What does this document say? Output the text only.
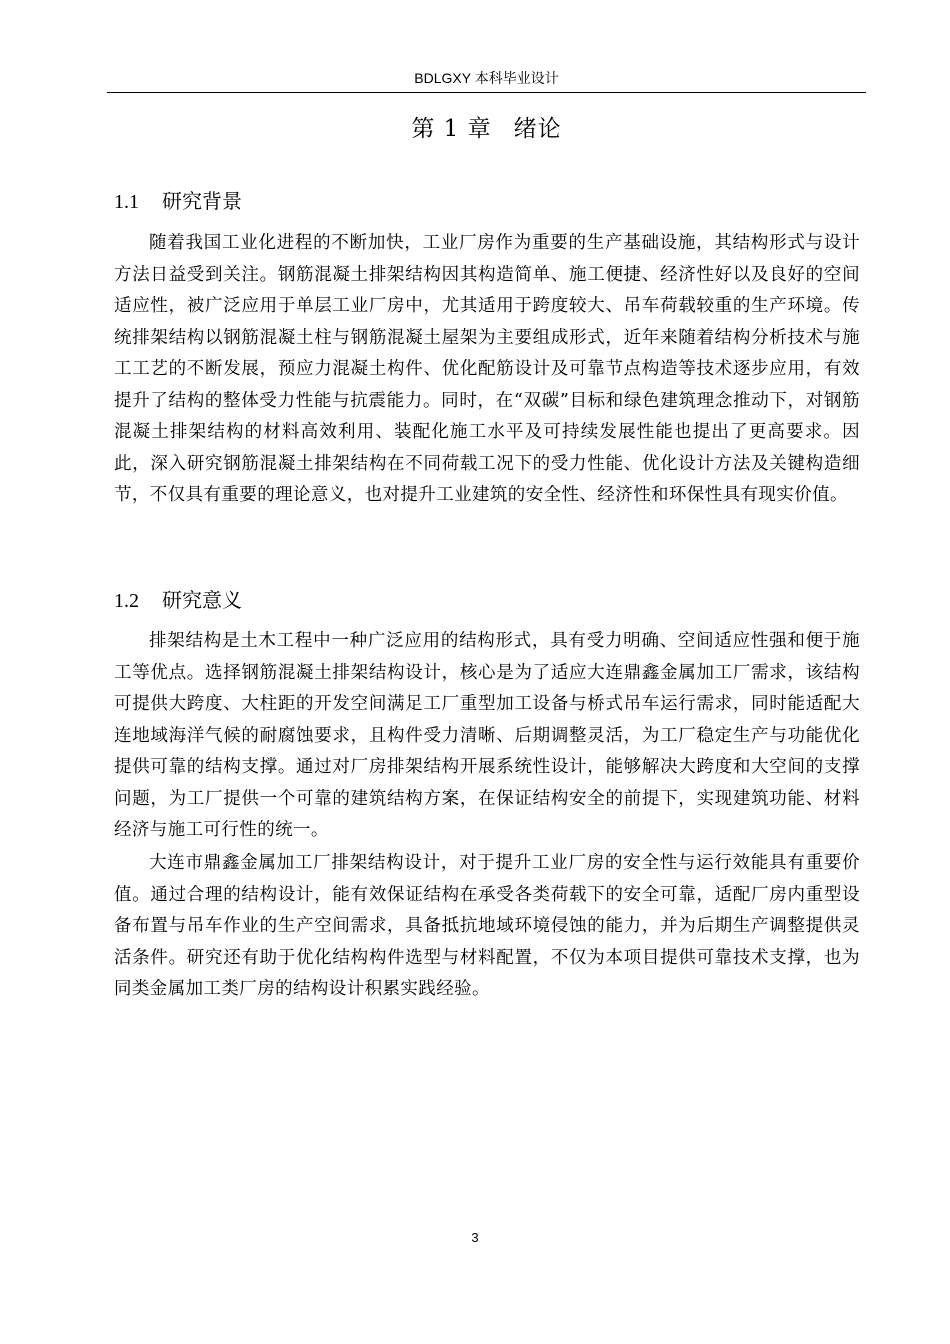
BDLGXY 本科毕业设计
第 1 章 绪论
1.1 研究背景
随着我国工业化进程的不断加快，工业厂房作为重要的生产基础设施，其结构形式与设计方法日益受到关注。钢筋混凝土排架结构因其构造简单、施工便捷、经济性好以及良好的空间适应性，被广泛应用于单层工业厂房中，尤其适用于跨度较大、吊车荷载较重的生产环境。传统排架结构以钢筋混凝土柱与钢筋混凝土屋架为主要组成形式，近年来随着结构分析技术与施工工艺的不断发展，预应力混凝土构件、优化配筋设计及可靠节点构造等技术逐步应用，有效提升了结构的整体受力性能与抗震能力。同时，在“双碳”目标和绿色建筑理念推动下，对钢筋混凝土排架结构的材料高效利用、装配化施工水平及可持续发展性能也提出了更高要求。因此，深入研究钢筋混凝土排架结构在不同荷载工况下的受力性能、优化设计方法及关键构造细节，不仅具有重要的理论意义，也对提升工业建筑的安全性、经济性和环保性具有现实价值。
1.2 研究意义
排架结构是土木工程中一种广泛应用的结构形式，具有受力明确、空间适应性强和便于施工等优点。选择钢筋混凝土排架结构设计，核心是为了适应大连鼎鑫金属加工厂需求，该结构可提供大跨度、大柱距的开发空间满足工厂重型加工设备与桥式吊车运行需求，同时能适配大连地域海洋气候的耐腐蚀要求，且构件受力清晰、后期调整灵活，为工厂稳定生产与功能优化提供可靠的结构支撑。通过对厂房排架结构开展系统性设计，能够解决大跨度和大空间的支撑问题，为工厂提供一个可靠的建筑结构方案，在保证结构安全的前提下，实现建筑功能、材料经济与施工可行性的统一。
大连市鼎鑫金属加工厂排架结构设计，对于提升工业厂房的安全性与运行效能具有重要价值。通过合理的结构设计，能有效保证结构在承受各类荷载下的安全可靠，适配厂房内重型设备布置与吊车作业的生产空间需求，具备抵抗地域环境侵蚀的能力，并为后期生产调整提供灵活条件。研究还有助于优化结构构件选型与材料配置，不仅为本项目提供可靠技术支撑，也为同类金属加工类厂房的结构设计积累实践经验。
3
